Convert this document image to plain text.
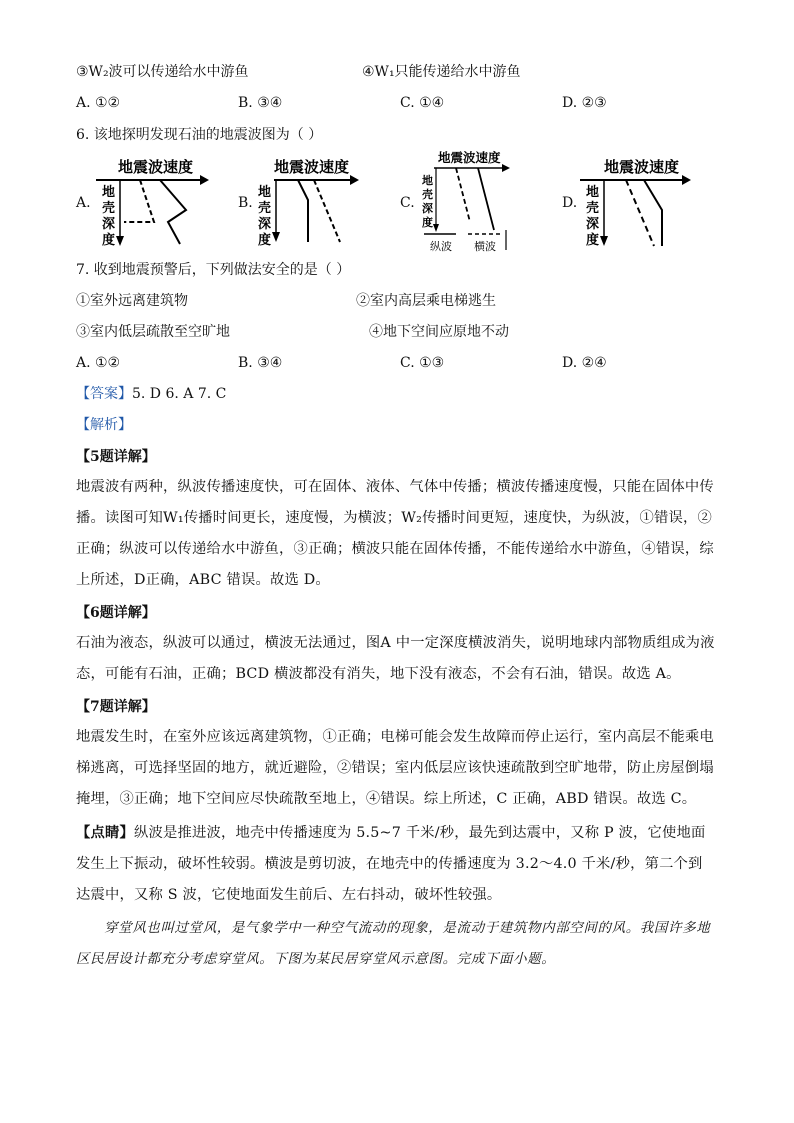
③W₂波可以传递给水中游鱼	④W₁只能传递给水中游鱼
A. ①②	B. ③④	C. ①④	D. ②③
6. 该地探明发现石油的地震波图为（ ）
A.	B.	C.	D.
地震波速度
地
壳
深
度
地震波速度
地
壳
深
度
地震波速度
地
壳
深
度
纵波 横波
地震波速度
地
壳
深
度
7. 收到地震预警后，下列做法安全的是（ ）
①室外远离建筑物	②室内高层乘电梯逃生
③室内低层疏散至空旷地	④地下空间应原地不动
A. ①②	B. ③④	C. ①③	D. ②④
【答案】5. D 6. A 7. C
【解析】
【5题详解】
地震波有两种，纵波传播速度快，可在固体、液体、气体中传播；横波传播速度慢，只能在固体中传播。读图可知W₁传播时间更长，速度慢，为横波；W₂传播时间更短，速度快，为纵波，①错误，②正确；纵波可以传递给水中游鱼，③正确；横波只能在固体传播，不能传递给水中游鱼，④错误，综上所述，D正确，ABC 错误。故选 D。
【6题详解】
石油为液态，纵波可以通过，横波无法通过，图A 中一定深度横波消失，说明地球内部物质组成为液态，可能有石油，正确；BCD 横波都没有消失，地下没有液态，不会有石油，错误。故选 A。
【7题详解】
地震发生时，在室外应该远离建筑物，①正确；电梯可能会发生故障而停止运行，室内高层不能乘电梯逃离，可选择坚固的地方，就近避险，②错误；室内低层应该快速疏散到空旷地带，防止房屋倒塌掩埋，③正确；地下空间应尽快疏散至地上，④错误。综上所述，C 正确，ABD 错误。故选 C。
【点睛】纵波是推进波，地壳中传播速度为 5.5~7 千米/秒，最先到达震中，又称 P 波，它使地面发生上下振动，破坏性较弱。横波是剪切波，在地壳中的传播速度为 3.2～4.0 千米/秒，第二个到达震中，又称 S 波，它使地面发生前后、左右抖动，破坏性较强。
穿堂风也叫过堂风，是气象学中一种空气流动的现象，是流动于建筑物内部空间的风。我国许多地区民居设计都充分考虑穿堂风。下图为某民居穿堂风示意图。完成下面小题。
